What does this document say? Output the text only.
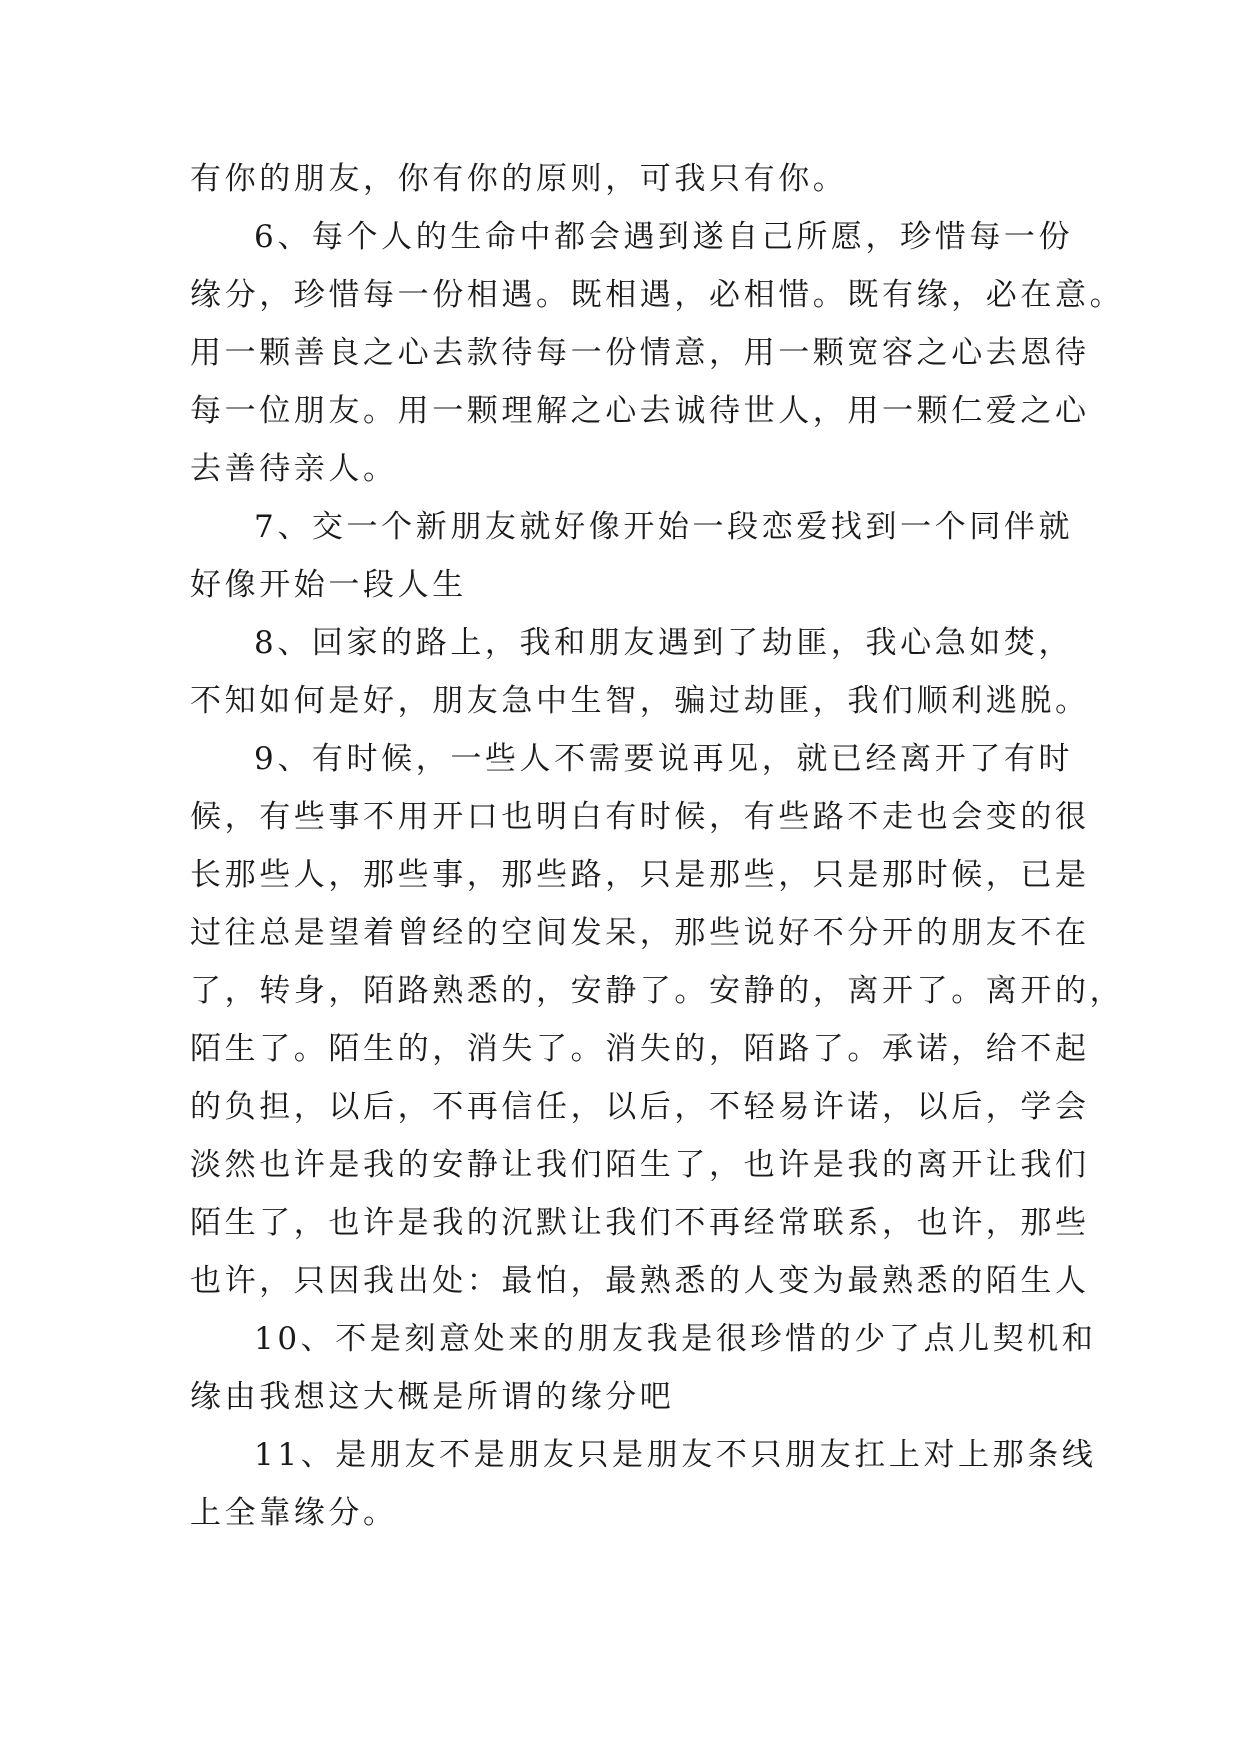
有你的朋友，你有你的原则，可我只有你。
6、每个人的生命中都会遇到遂自己所愿，珍惜每一份
缘分，珍惜每一份相遇。既相遇，必相惜。既有缘，必在意。
用一颗善良之心去款待每一份情意，用一颗宽容之心去恩待
每一位朋友。用一颗理解之心去诚待世人，用一颗仁爱之心
去善待亲人。
7、交一个新朋友就好像开始一段恋爱找到一个同伴就
好像开始一段人生
8、回家的路上，我和朋友遇到了劫匪，我心急如焚，
不知如何是好，朋友急中生智，骗过劫匪，我们顺利逃脱。
9、有时候，一些人不需要说再见，就已经离开了有时
候，有些事不用开口也明白有时候，有些路不走也会变的很
长那些人，那些事，那些路，只是那些，只是那时候，已是
过往总是望着曾经的空间发呆，那些说好不分开的朋友不在
了，转身，陌路熟悉的，安静了。安静的，离开了。离开的，
陌生了。陌生的，消失了。消失的，陌路了。承诺，给不起
的负担，以后，不再信任，以后，不轻易许诺，以后，学会
淡然也许是我的安静让我们陌生了，也许是我的离开让我们
陌生了，也许是我的沉默让我们不再经常联系，也许，那些
也许，只因我出处：最怕，最熟悉的人变为最熟悉的陌生人
10、不是刻意处来的朋友我是很珍惜的少了点儿契机和
缘由我想这大概是所谓的缘分吧
11、是朋友不是朋友只是朋友不只朋友扛上对上那条线
上全靠缘分。
